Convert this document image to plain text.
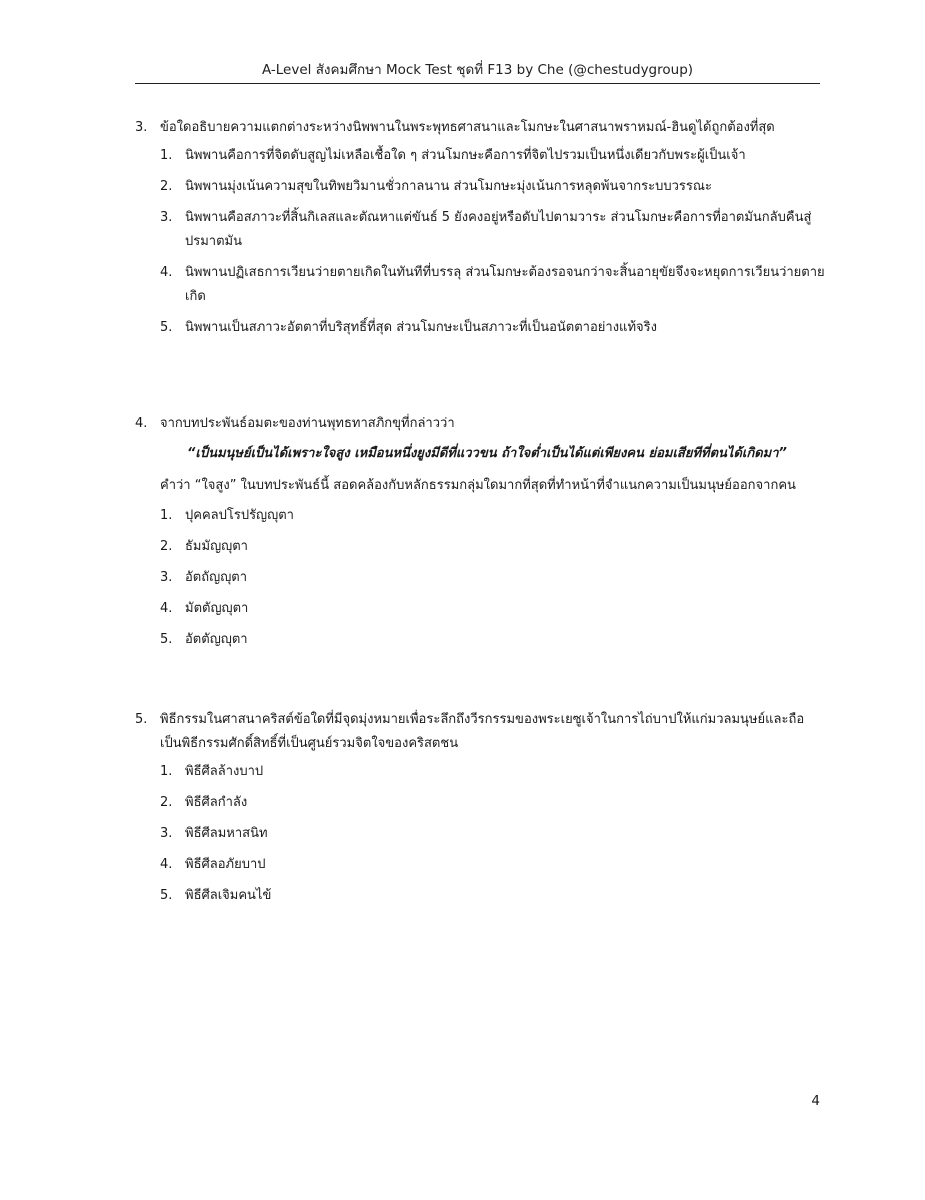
A-Level สังคมศึกษา Mock Test ชุดที่ F13 by Che (@chestudygroup)
3. ข้อใดอธิบายความแตกต่างระหว่างนิพพานในพระพุทธศาสนาและโมกษะในศาสนาพราหมณ์-ฮินดูได้ถูกต้องที่สุด
1. นิพพานคือการที่จิตดับสูญไม่เหลือเชื้อใด ๆ ส่วนโมกษะคือการที่จิตไปรวมเป็นหนึ่งเดียวกับพระผู้เป็นเจ้า
2. นิพพานมุ่งเน้นความสุขในทิพยวิมานชั่วกาลนาน ส่วนโมกษะมุ่งเน้นการหลุดพ้นจากระบบวรรณะ
3. นิพพานคือสภาวะที่สิ้นกิเลสและตัณหาแต่ขันธ์ 5 ยังคงอยู่หรือดับไปตามวาระ ส่วนโมกษะคือการที่อาตมันกลับคืนสู่ปรมาตมัน
4. นิพพานปฏิเสธการเวียนว่ายตายเกิดในทันทีที่บรรลุ ส่วนโมกษะต้องรอจนกว่าจะสิ้นอายุขัยจึงจะหยุดการเวียนว่ายตายเกิด
5. นิพพานเป็นสภาวะอัตตาที่บริสุทธิ์ที่สุด ส่วนโมกษะเป็นสภาวะที่เป็นอนัตตาอย่างแท้จริง
4. จากบทประพันธ์อมตะของท่านพุทธทาสภิกขุที่กล่าวว่า
“เป็นมนุษย์เป็นได้เพราะใจสูง เหมือนหนึ่งยูงมีดีที่แววขน ถ้าใจต่ำเป็นได้แต่เพียงคน ย่อมเสียทีที่ตนได้เกิดมา”
คำว่า “ใจสูง” ในบทประพันธ์นี้ สอดคล้องกับหลักธรรมกลุ่มใดมากที่สุดที่ทำหน้าที่จำแนกความเป็นมนุษย์ออกจากคน
1. ปุคคลปโรปรัญญุตา
2. ธัมมัญญุตา
3. อัตถัญญุตา
4. มัตตัญญุตา
5. อัตตัญญุตา
5. พิธีกรรมในศาสนาคริสต์ข้อใดที่มีจุดมุ่งหมายเพื่อระลึกถึงวีรกรรมของพระเยซูเจ้าในการไถ่บาปให้แก่มวลมนุษย์และถือเป็นพิธีกรรมศักดิ์สิทธิ์ที่เป็นศูนย์รวมจิตใจของคริสตชน
1. พิธีศีลล้างบาป
2. พิธีศีลกำลัง
3. พิธีศีลมหาสนิท
4. พิธีศีลอภัยบาป
5. พิธีศีลเจิมคนไข้
4
